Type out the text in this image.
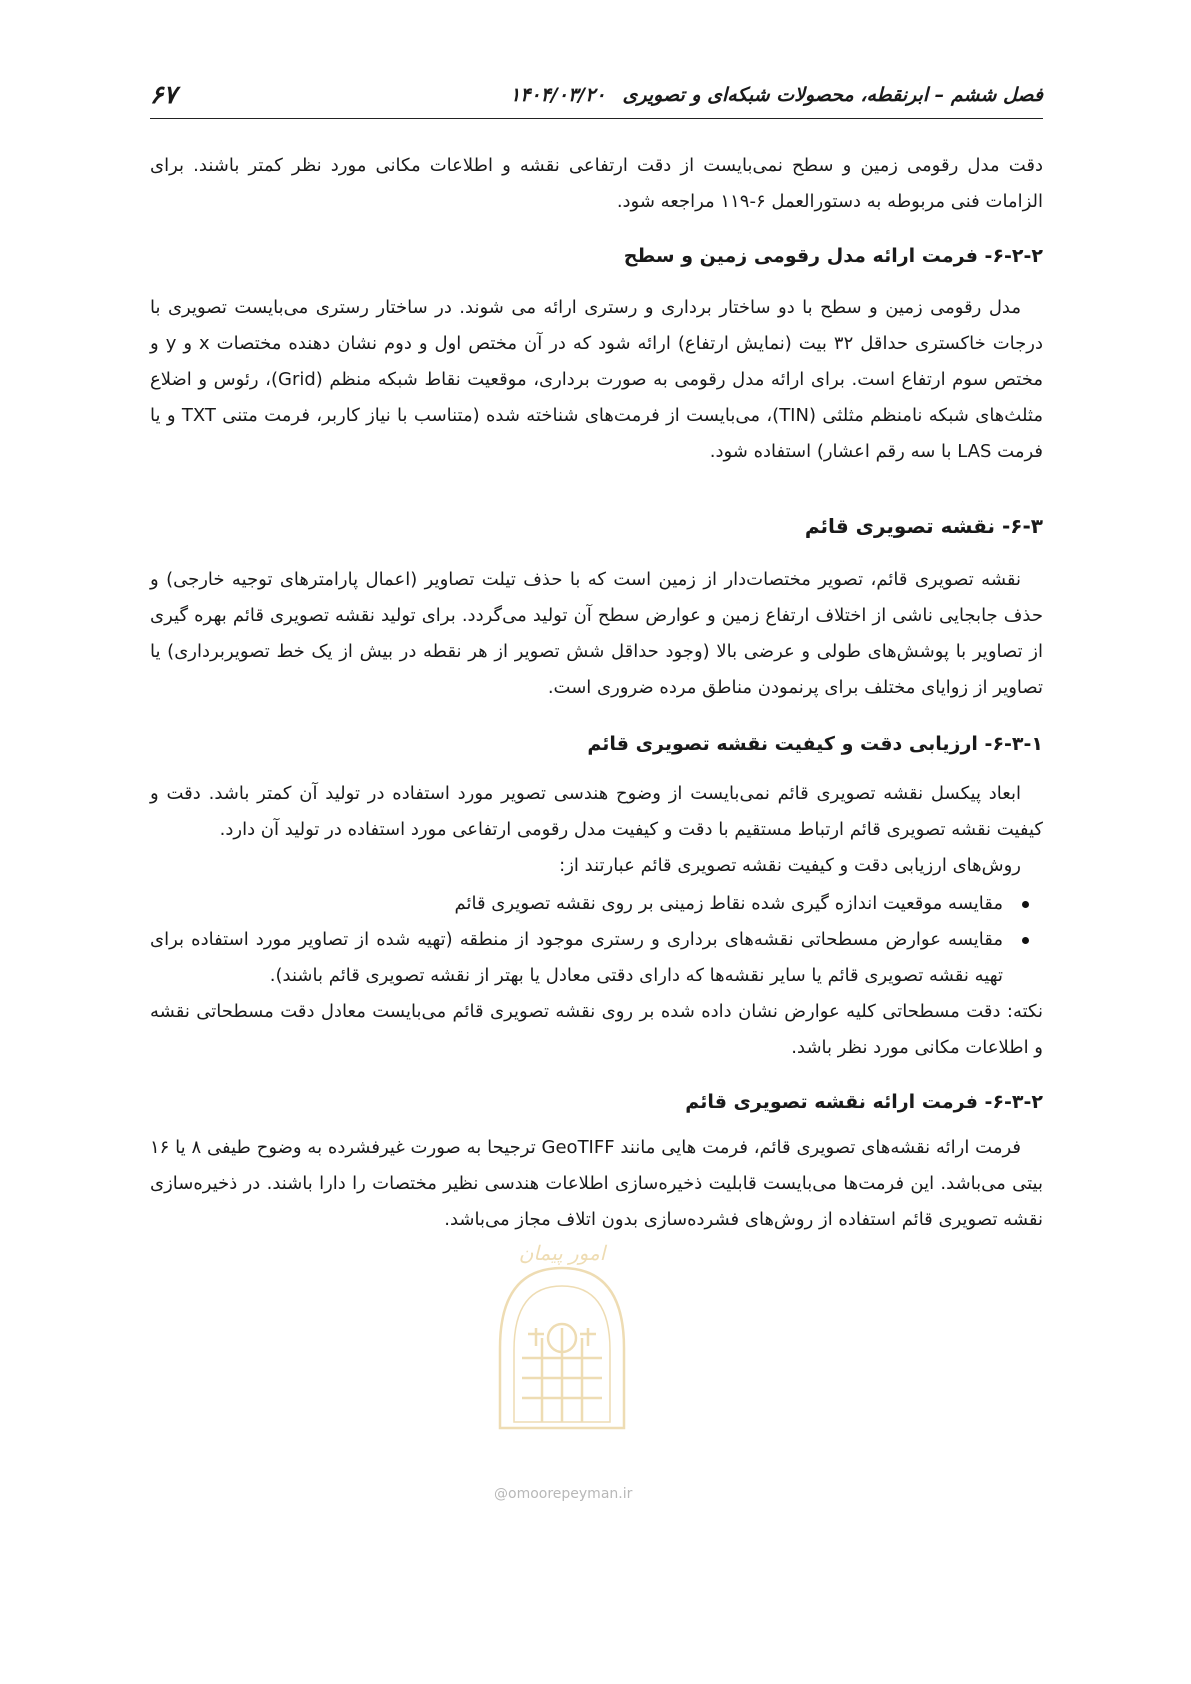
فصل ششم – ابرنقطه، محصولات شبکه‌ای و تصویری
۱۴۰۴/۰۳/۲۰
۶۷

دقت مدل رقومی زمین و سطح نمی‌بایست از دقت ارتفاعی نقشه و اطلاعات مکانی مورد نظر کمتر باشند. برای الزامات فنی مربوطه به دستورالعمل ۶-۱۱۹ مراجعه شود.

۶-۲-۲- فرمت ارائه مدل رقومی زمین و سطح

مدل رقومی زمین و سطح با دو ساختار برداری و رستری ارائه می شوند. در ساختار رستری می‌بایست تصویری با درجات خاکستری حداقل ۳۲ بیت (نمایش ارتفاع) ارائه شود که در آن مختص اول و دوم نشان دهنده مختصات x و y و مختص سوم ارتفاع است. برای ارائه مدل رقومی به صورت برداری، موقعیت نقاط شبکه منظم (Grid)، رئوس و اضلاع مثلث‌های شبکه نامنظم مثلثی (TIN)، می‌بایست از فرمت‌های شناخته شده (متناسب با نیاز کاربر، فرمت متنی TXT و یا فرمت LAS با سه رقم اعشار) استفاده شود.

۶-۳- نقشه تصویری قائم

نقشه تصویری قائم، تصویر مختصات‌دار از زمین است که با حذف تیلت تصاویر (اعمال پارامترهای توجیه خارجی) و حذف جابجایی ناشی از اختلاف ارتفاع زمین و عوارض سطح آن تولید می‌گردد. برای تولید نقشه تصویری قائم بهره گیری از تصاویر با پوشش‌های طولی و عرضی بالا (وجود حداقل شش تصویر از هر نقطه در بیش از یک خط تصویربرداری) یا تصاویر از زوایای مختلف برای پرنمودن مناطق مرده ضروری است.

۶-۳-۱- ارزیابی دقت و کیفیت نقشه تصویری قائم

ابعاد پیکسل نقشه تصویری قائم نمی‌بایست از وضوح هندسی تصویر مورد استفاده در تولید آن کمتر باشد. دقت و کیفیت نقشه تصویری قائم ارتباط مستقیم با دقت و کیفیت مدل رقومی ارتفاعی مورد استفاده در تولید آن دارد.

روش‌های ارزیابی دقت و کیفیت نقشه تصویری قائم عبارتند از:

مقایسه موقعیت اندازه گیری شده نقاط زمینی بر روی نقشه تصویری قائم
مقایسه عوارض مسطحاتی نقشه‌های برداری و رستری موجود از منطقه (تهیه شده از تصاویر مورد استفاده برای تهیه نقشه تصویری قائم یا سایر نقشه‌ها که دارای دقتی معادل یا بهتر از نقشه تصویری قائم باشند).

نکته: دقت مسطحاتی کلیه عوارض نشان داده شده بر روی نقشه تصویری قائم می‌بایست معادل دقت مسطحاتی نقشه و اطلاعات مکانی مورد نظر باشد.

۶-۳-۲- فرمت ارائه نقشه تصویری قائم

فرمت ارائه نقشه‌های تصویری قائم، فرمت هایی مانند GeoTIFF ترجیحا به صورت غیرفشرده به وضوح طیفی ۸ یا ۱۶ بیتی می‌باشد. این فرمت‌ها می‌بایست قابلیت ذخیره‌سازی اطلاعات هندسی نظیر مختصات را دارا باشند. در ذخیره‌سازی نقشه تصویری قائم استفاده از روش‌های فشرده‌سازی بدون اتلاف مجاز می‌باشد.

امور پیمان
@omoorepeyman.ir
